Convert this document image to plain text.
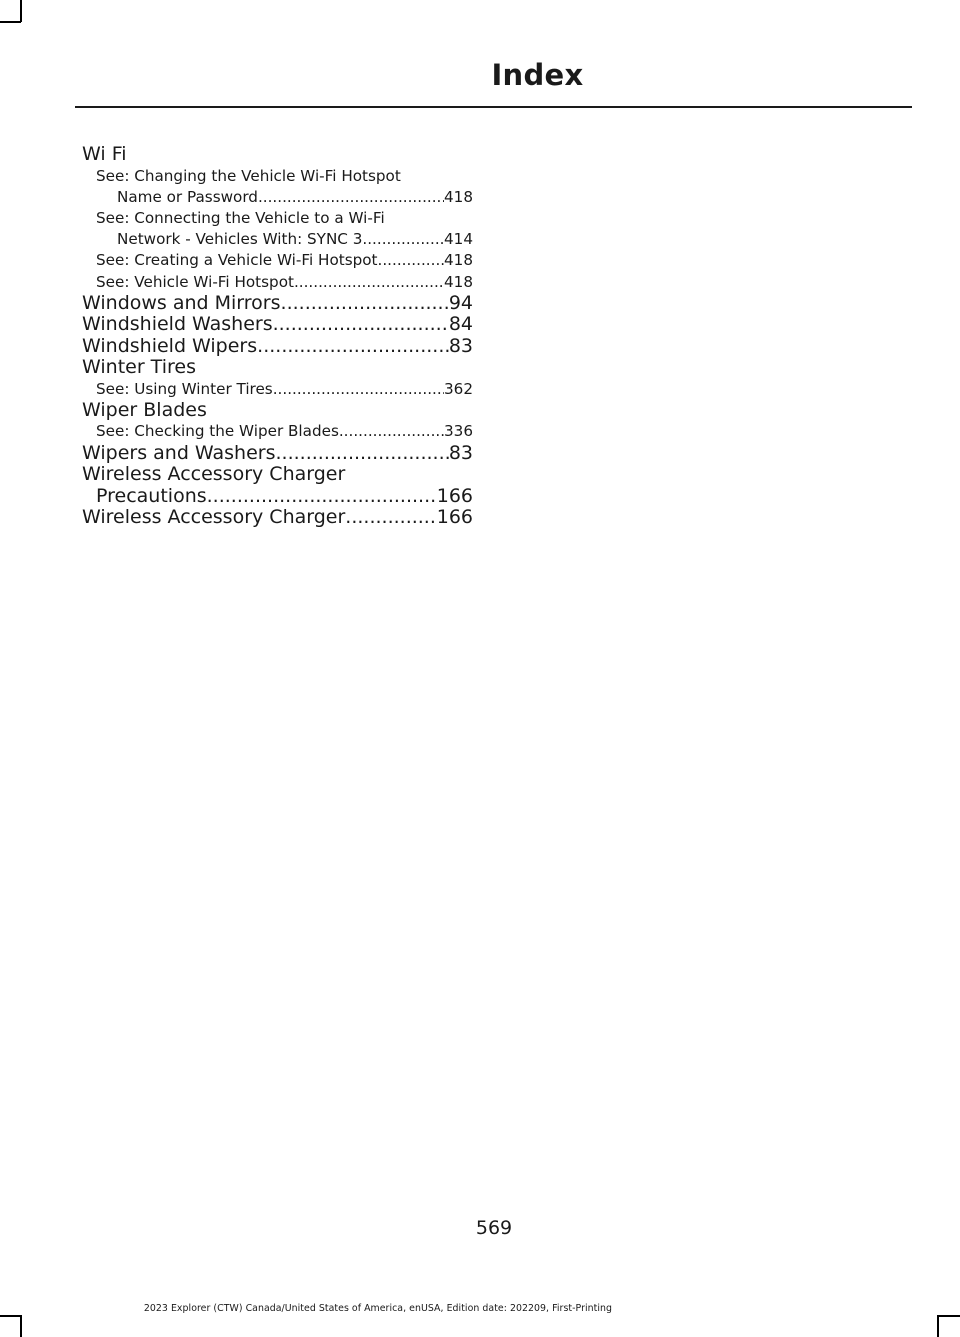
Index
Wi Fi
See: Changing the Vehicle Wi-Fi Hotspot
Name or Password .....	418
See: Connecting the Vehicle to a Wi-Fi
Network - Vehicles With: SYNC 3 .....	414
See: Creating a Vehicle Wi-Fi Hotspot .....	418
See: Vehicle Wi-Fi Hotspot .....	418
Windows and Mirrors .....	94
Windshield Washers .....	84
Windshield Wipers .....	83
Winter Tires
See: Using Winter Tires .....	362
Wiper Blades
See: Checking the Wiper Blades .....	336
Wipers and Washers .....	83
Wireless Accessory Charger
Precautions .....	166
Wireless Accessory Charger .....	166
569
2023 Explorer (CTW) Canada/United States of America, enUSA, Edition date: 202209, First-Printing
